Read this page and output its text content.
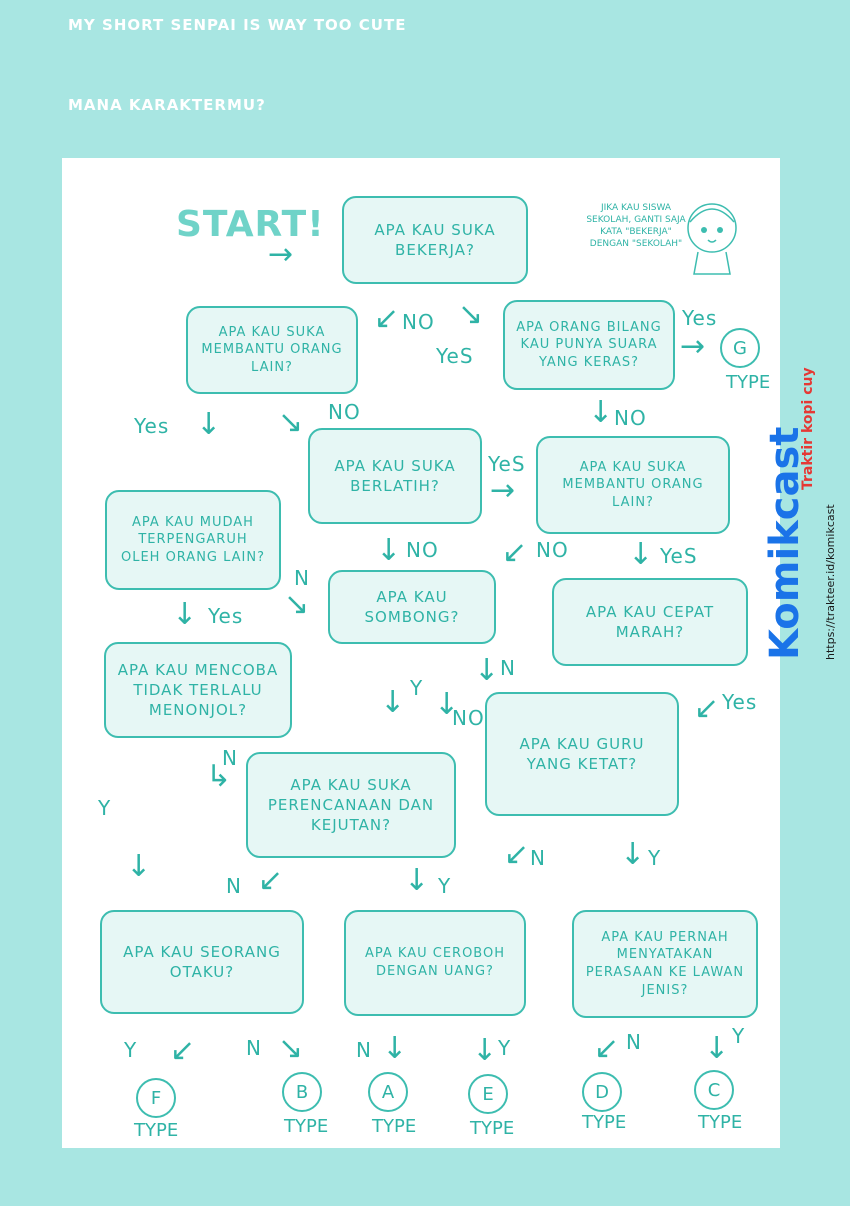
MY SHORT SENPAI IS WAY TOO CUTE
MANA KARAKTERMU?
START!
→
JIKA KAU SISWA SEKOLAH, GANTI SAJA KATA "BEKERJA" DENGAN "SEKOLAH"
APA KAU SUKA BEKERJA?
APA KAU SUKA MEMBANTU ORANG LAIN?
APA ORANG BILANG KAU PUNYA SUARA YANG KERAS?
APA KAU SUKA BERLATIH?
APA KAU SUKA MEMBANTU ORANG LAIN?
APA KAU MUDAH TERPENGARUH OLEH ORANG LAIN?
APA KAU SOMBONG?	APA KAU CEPAT MARAH?
APA KAU MENCOBA TIDAK TERLALU MENONJOL?
APA KAU GURU YANG KETAT?
APA KAU SUKA PERENCANAAN DAN KEJUTAN?
APA KAU SEORANG OTAKU?
APA KAU CEROBOH DENGAN UANG?
APA KAU PERNAH MENYATAKAN PERASAAN KE LAWAN JENIS?
↙ NO ↘
YeS
Yes
→
Yes ↓ ↘ NO	↓ NO
YeS
→
↓ NO ↙ NO ↓ YeS
N
↘
↓ Yes
↓ N
↓ Y ↓
NO	↙ Yes
Y
↓
N
↳
N ↙	↓ Y
↙ N ↓ Y
Y ↙	N ↘	N ↓ ↓ Y	↙ N ↓ Y
G
TYPE
F
TYPE
B
TYPE
A
TYPE
E
TYPE
D
TYPE
C
TYPE
Komikcast
Traktir kopi cuy
https://trakteer.id/komikcast
